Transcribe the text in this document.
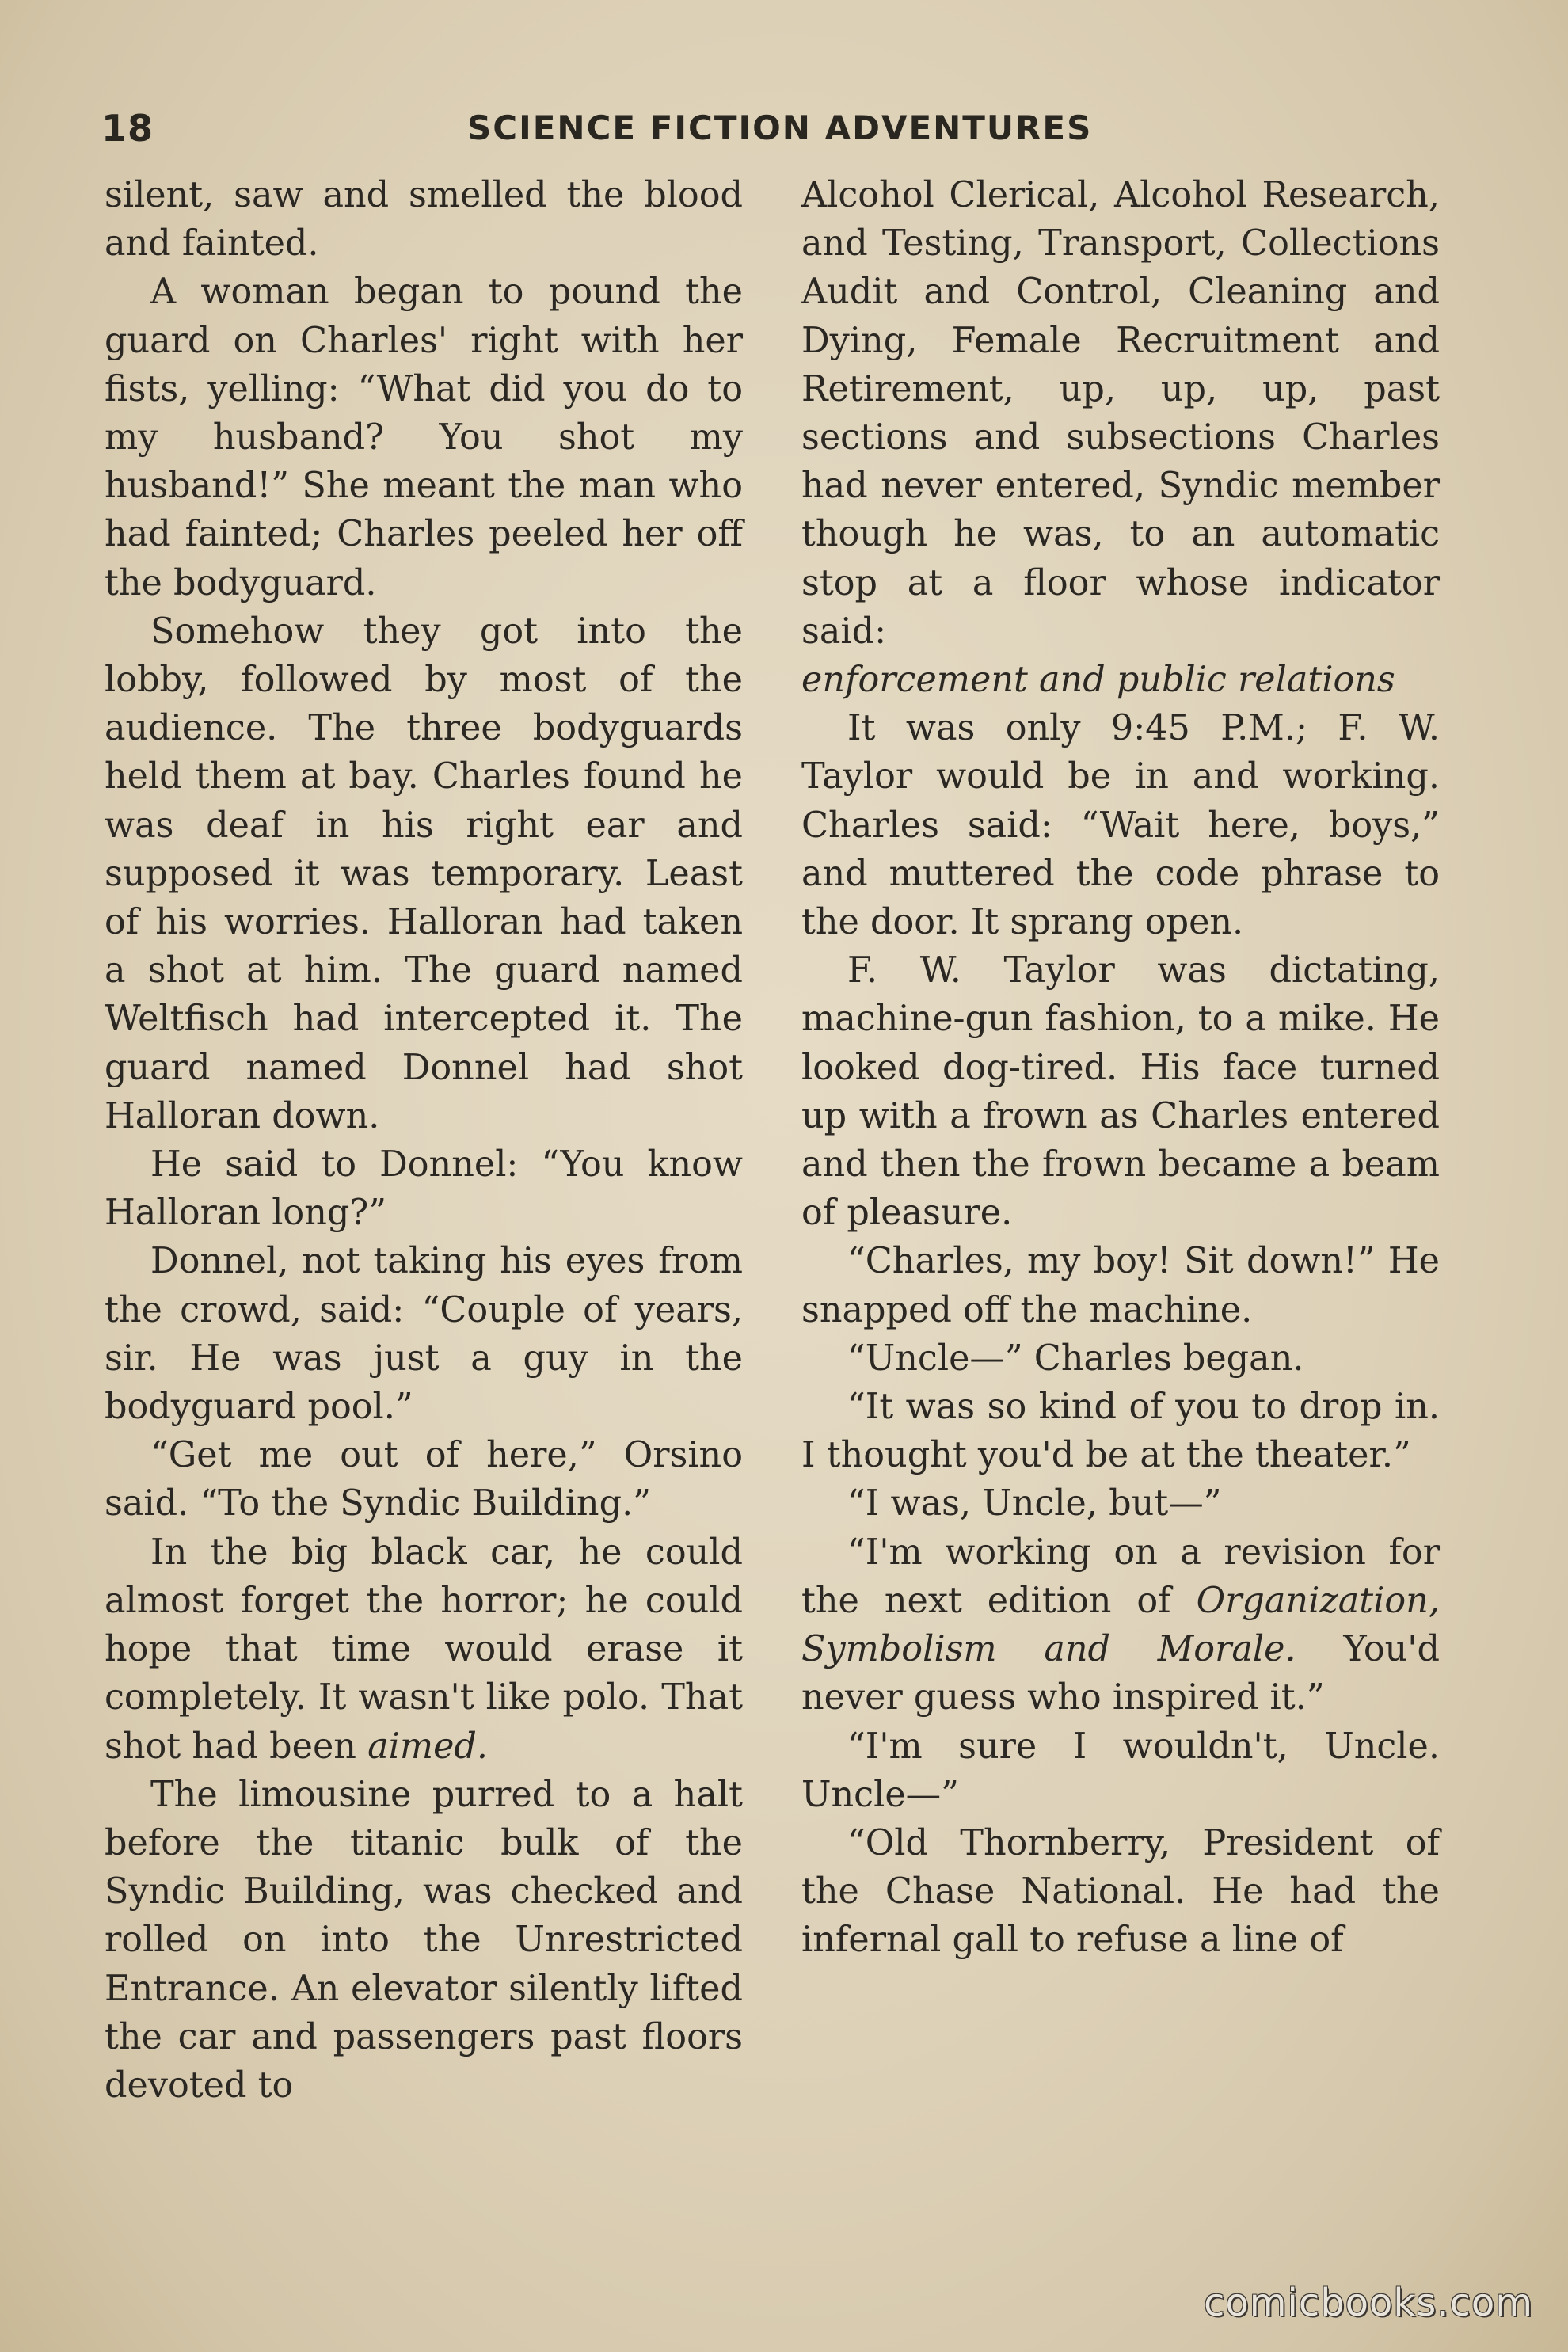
18	SCIENCE FICTION ADVENTURES

silent, saw and smelled the blood and fainted.

A woman began to pound the guard on Charles' right with her fists, yelling: “What did you do to my husband? You shot my husband!” She meant the man who had fainted; Charles peeled her off the bodyguard.

Somehow they got into the lobby, followed by most of the audience. The three bodyguards held them at bay. Charles found he was deaf in his right ear and supposed it was temporary. Least of his worries. Halloran had taken a shot at him. The guard named Weltfisch had intercepted it. The guard named Donnel had shot Halloran down.

He said to Donnel: “You know Halloran long?”

Donnel, not taking his eyes from the crowd, said: “Couple of years, sir. He was just a guy in the bodyguard pool.”

“Get me out of here,” Orsino said. “To the Syndic Building.”

In the big black car, he could almost forget the horror; he could hope that time would erase it completely. It wasn't like polo. That shot had been aimed.

The limousine purred to a halt before the titanic bulk of the Syndic Building, was checked and rolled on into the Unrestricted Entrance. An elevator silently lifted the car and passengers past floors devoted to

Alcohol Clerical, Alcohol Research, and Testing, Transport, Collections Audit and Control, Cleaning and Dying, Female Recruitment and Retirement, up, up, up, past sections and subsections Charles had never entered, Syndic member though he was, to an automatic stop at a floor whose indicator said:

enforcement and public relations

It was only 9:45 P.M.; F. W. Taylor would be in and working. Charles said: “Wait here, boys,” and muttered the code phrase to the door. It sprang open.

F. W. Taylor was dictating, machine-gun fashion, to a mike. He looked dog-tired. His face turned up with a frown as Charles entered and then the frown became a beam of pleasure.

“Charles, my boy! Sit down!” He snapped off the machine.

“Uncle—” Charles began.

“It was so kind of you to drop in. I thought you'd be at the theater.”

“I was, Uncle, but—”

“I'm working on a revision for the next edition of Organization, Symbolism and Morale. You'd never guess who inspired it.”

“I'm sure I wouldn't, Uncle. Uncle—”

“Old Thornberry, President of the Chase National. He had the infernal gall to refuse a line of

comicbooks.com
